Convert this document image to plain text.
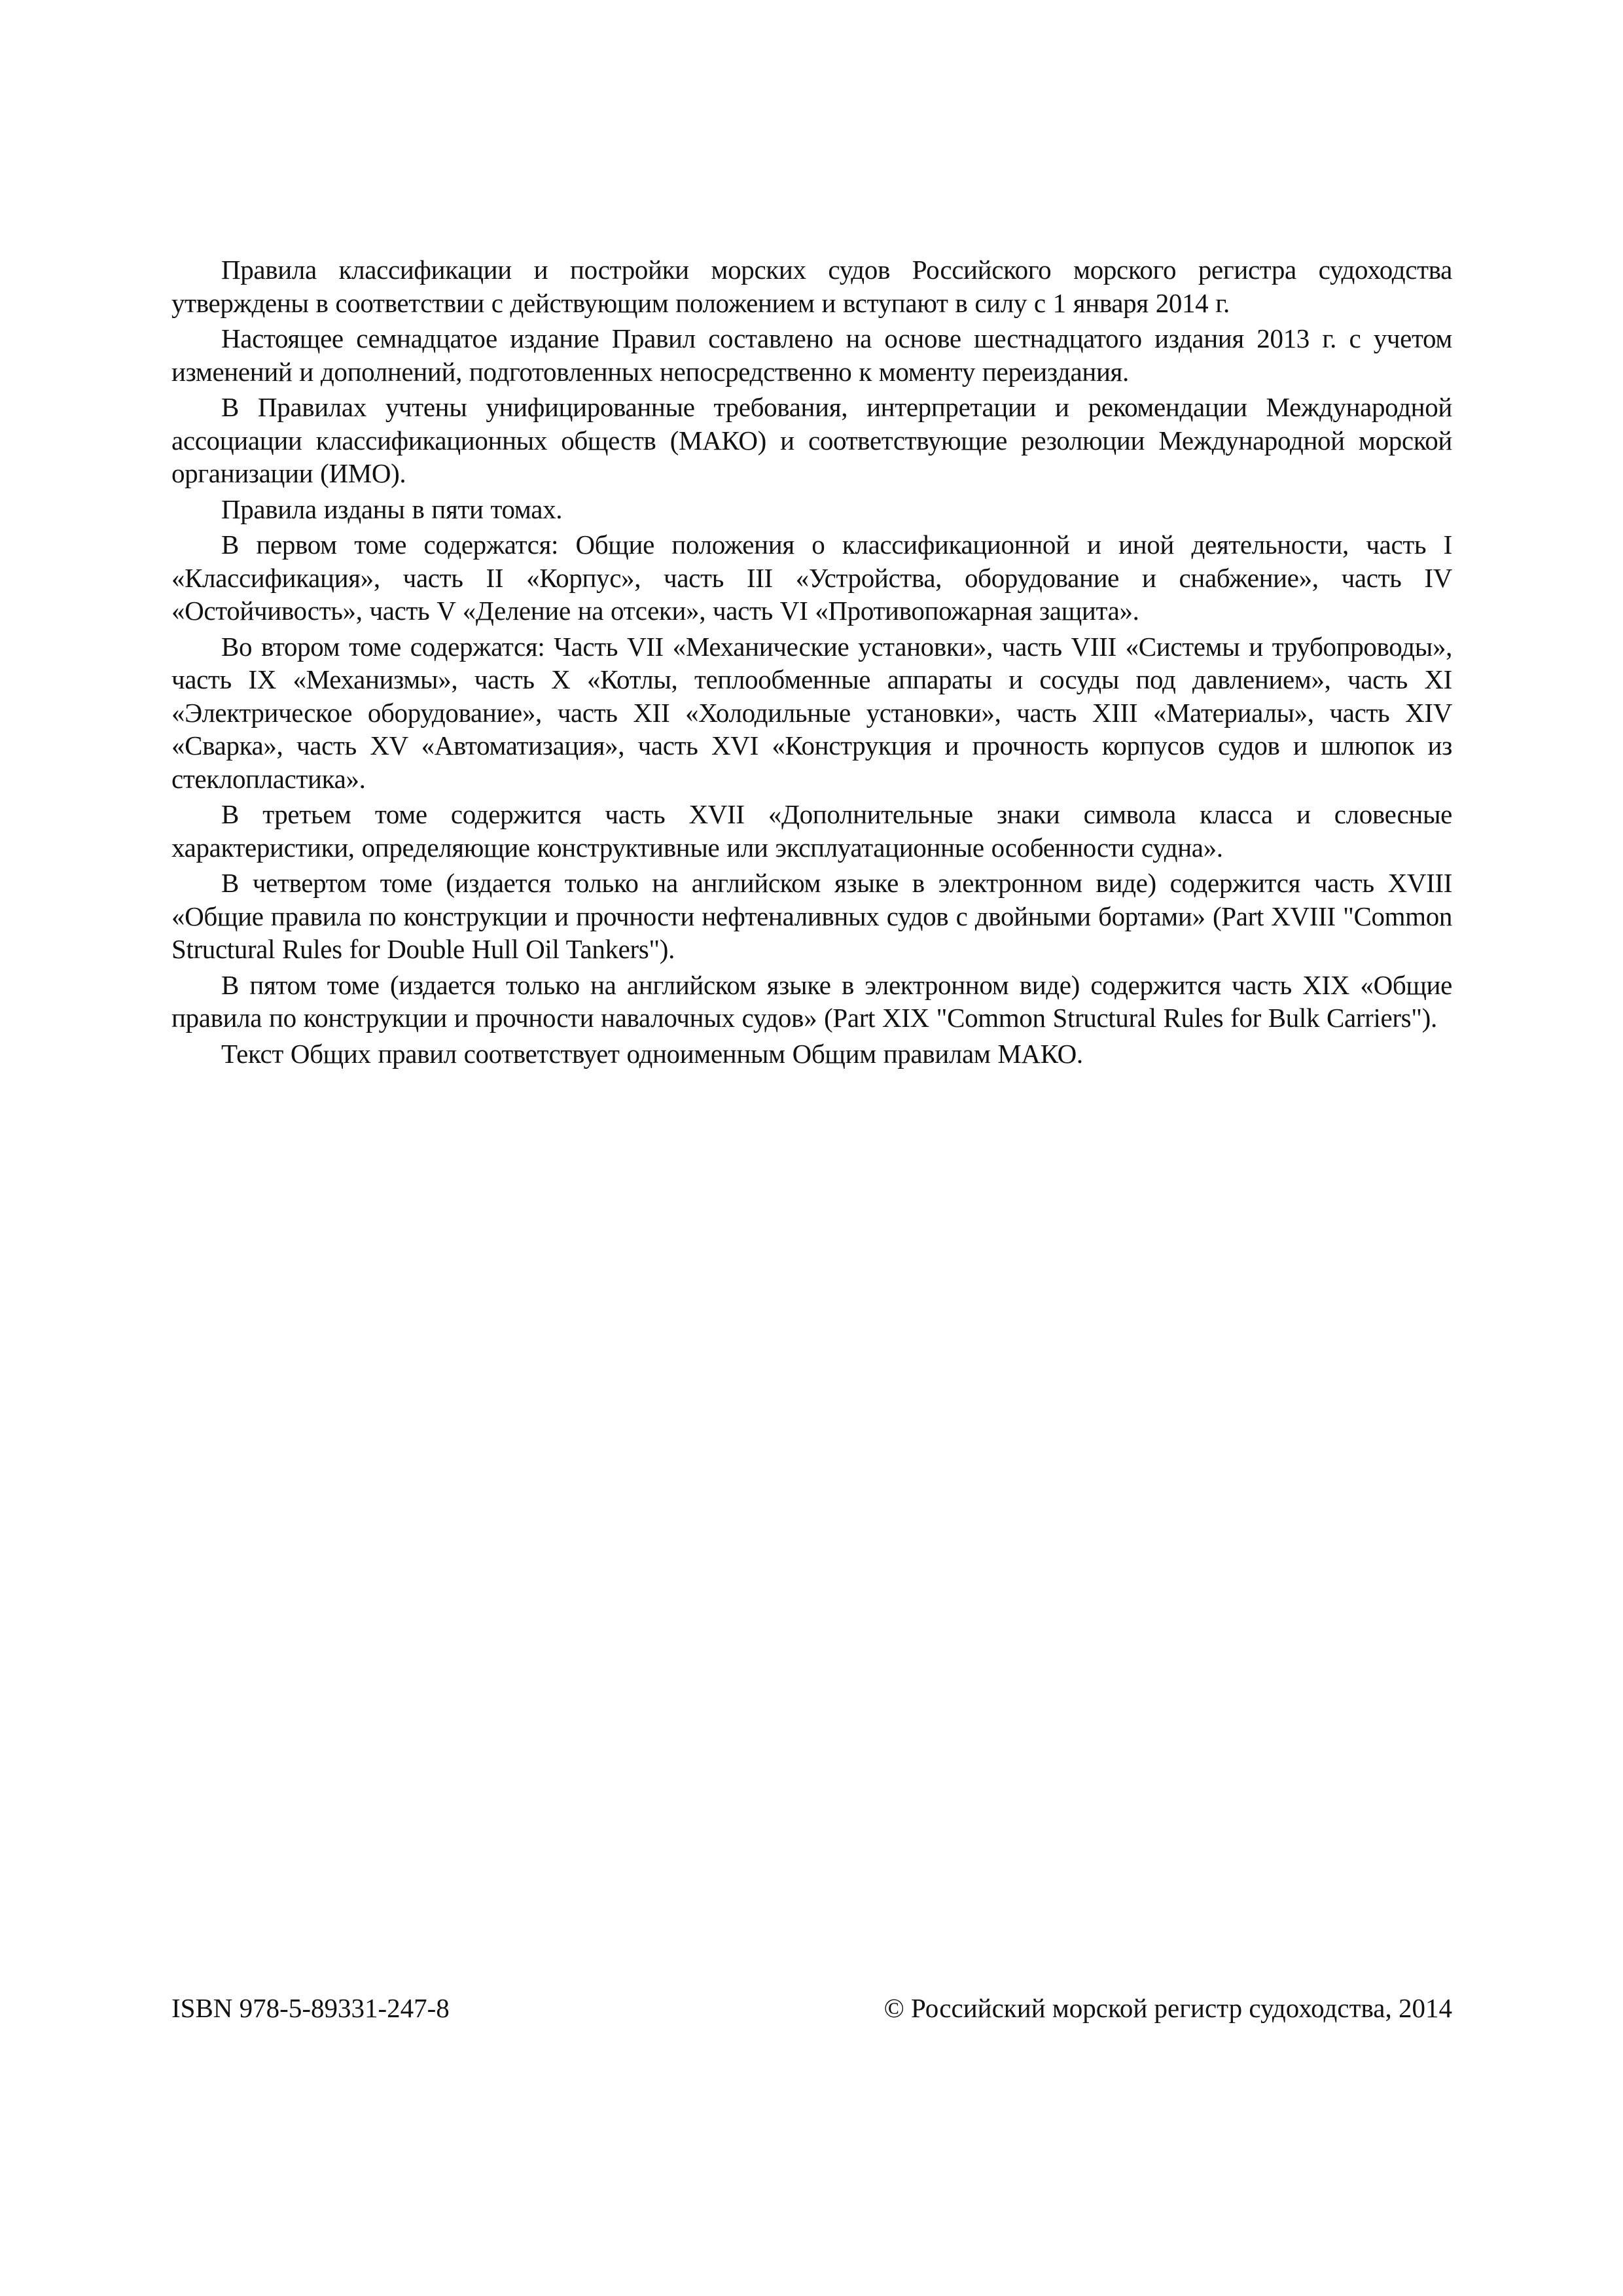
Правила классификации и постройки морских судов Российского морского регистра судоходства утверждены в соответствии с действующим положением и вступают в силу с 1 января 2014 г.

Настоящее семнадцатое издание Правил составлено на основе шестнадцатого издания 2013 г. с учетом изменений и дополнений, подготовленных непосредственно к моменту переиздания.

В Правилах учтены унифицированные требования, интерпретации и рекомендации Международной ассоциации классификационных обществ (МАКО) и соответствующие резолюции Международной морской организации (ИМО).

Правила изданы в пяти томах.

В первом томе содержатся: Общие положения о классификационной и иной деятельности, часть I «Классификация», часть II «Корпус», часть III «Устройства, оборудование и снабжение», часть IV «Остойчивость», часть V «Деление на отсеки», часть VI «Противопожарная защита».

Во втором томе содержатся: Часть VII «Механические установки», часть VIII «Системы и трубопроводы», часть IX «Механизмы», часть X «Котлы, теплообменные аппараты и сосуды под давлением», часть XI «Электрическое оборудование», часть XII «Холодильные установки», часть XIII «Материалы», часть XIV «Сварка», часть XV «Автоматизация», часть XVI «Конструкция и прочность корпусов судов и шлюпок из стеклопластика».

В третьем томе содержится часть XVII «Дополнительные знаки символа класса и словесные характеристики, определяющие конструктивные или эксплуатационные особенности судна».

В четвертом томе (издается только на английском языке в электронном виде) содержится часть XVIII «Общие правила по конструкции и прочности нефтеналивных судов с двойными бортами» (Part XVIII "Common Structural Rules for Double Hull Oil Tankers").

В пятом томе (издается только на английском языке в электронном виде) содержится часть XIX «Общие правила по конструкции и прочности навалочных судов» (Part XIX "Common Structural Rules for Bulk Carriers").

Текст Общих правил соответствует одноименным Общим правилам МАКО.

ISBN 978-5-89331-247-8	© Российский морской регистр судоходства, 2014
